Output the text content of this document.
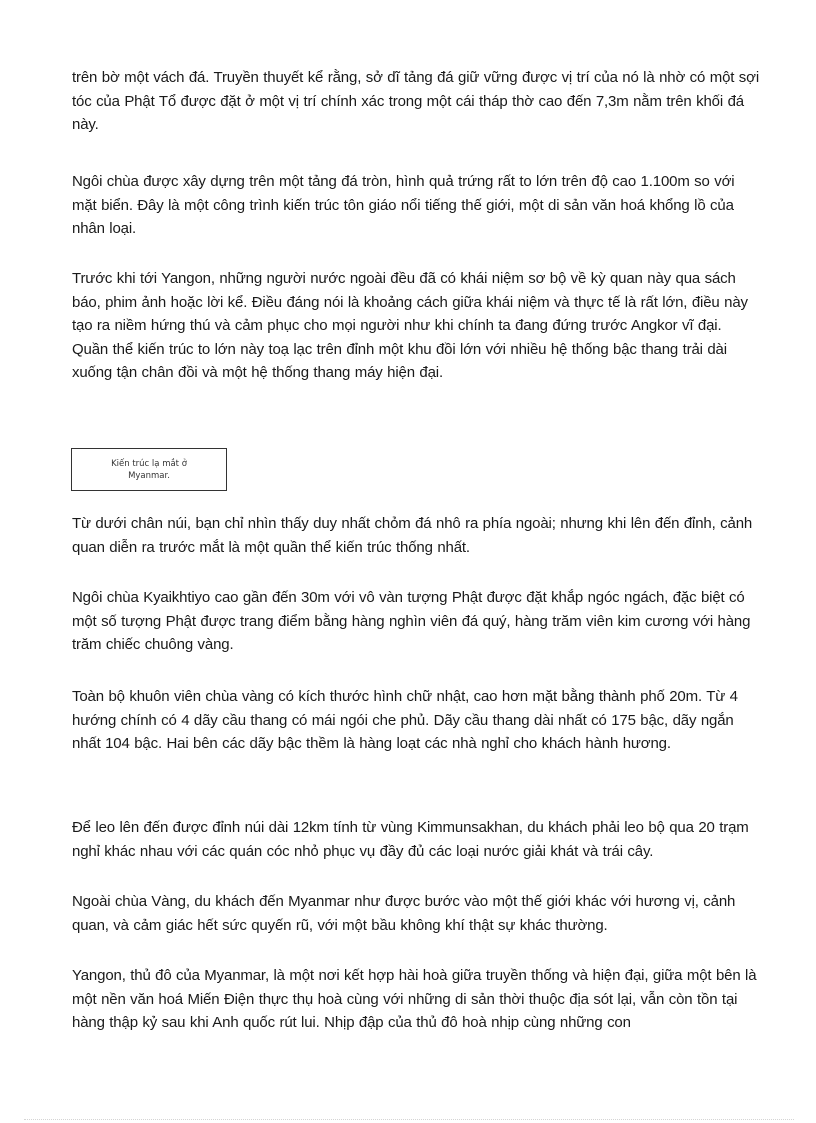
trên bờ một vách đá. Truyền thuyết kể rằng, sở dĩ tảng đá giữ vững được vị trí của nó là nhờ có một sợi tóc của Phật Tổ được đặt ở một vị trí chính xác trong một cái tháp thờ cao đến 7,3m nằm trên khối đá này.

Ngôi chùa được xây dựng trên một tảng đá tròn, hình quả trứng rất to lớn trên độ cao 1.100m so với mặt biển. Đây là một công trình kiến trúc tôn giáo nổi tiếng thế giới, một di sản văn hoá khổng lồ của nhân loại.

Trước khi tới Yangon, những người nước ngoài đều đã có khái niệm sơ bộ về kỳ quan này qua sách báo, phim ảnh hoặc lời kể. Điều đáng nói là khoảng cách giữa khái niệm và thực tế là rất lớn, điều này tạo ra niềm hứng thú và cảm phục cho mọi người như khi chính ta đang đứng trước Angkor vĩ đại. Quần thể kiến trúc to lớn này toạ lạc trên đỉnh một khu đồi lớn với nhiều hệ thống bậc thang trải dài xuống tận chân đồi và một hệ thống thang máy hiện đại.

Kiến trúc lạ mắt ở Myanmar.

Từ dưới chân núi, bạn chỉ nhìn thấy duy nhất chỏm đá nhô ra phía ngoài; nhưng khi lên đến đỉnh, cảnh quan diễn ra trước mắt là một quần thể kiến trúc thống nhất.

Ngôi chùa Kyaikhtiyo cao gần đến 30m với vô vàn tượng Phật được đặt khắp ngóc ngách, đặc biệt có một số tượng Phật được trang điểm bằng hàng nghìn viên đá quý, hàng trăm viên kim cương với hàng trăm chiếc chuông vàng.

Toàn bộ khuôn viên chùa vàng có kích thước hình chữ nhật, cao hơn mặt bằng thành phố 20m. Từ 4 hướng chính có 4 dãy cầu thang có mái ngói che phủ. Dãy cầu thang dài nhất có 175 bậc, dãy ngắn nhất 104 bậc. Hai bên các dãy bậc thềm là hàng loạt các nhà nghỉ cho khách hành hương.

Để leo lên đến được đỉnh núi dài 12km tính từ vùng Kimmunsakhan, du khách phải leo bộ qua 20 trạm nghỉ khác nhau với các quán cóc nhỏ phục vụ đầy đủ các loại nước giải khát và trái cây.

Ngoài chùa Vàng, du khách đến Myanmar như được bước vào một thế giới khác với hương vị, cảnh quan, và cảm giác hết sức quyến rũ, với một bầu không khí thật sự khác thường.

Yangon, thủ đô của Myanmar, là một nơi kết hợp hài hoà giữa truyền thống và hiện đại, giữa một bên là một nền văn hoá Miến Điện thực thụ hoà cùng với những di sản thời thuộc địa sót lại, vẫn còn tồn tại hàng thập kỷ sau khi Anh quốc rút lui. Nhịp đập của thủ đô hoà nhịp cùng những con
